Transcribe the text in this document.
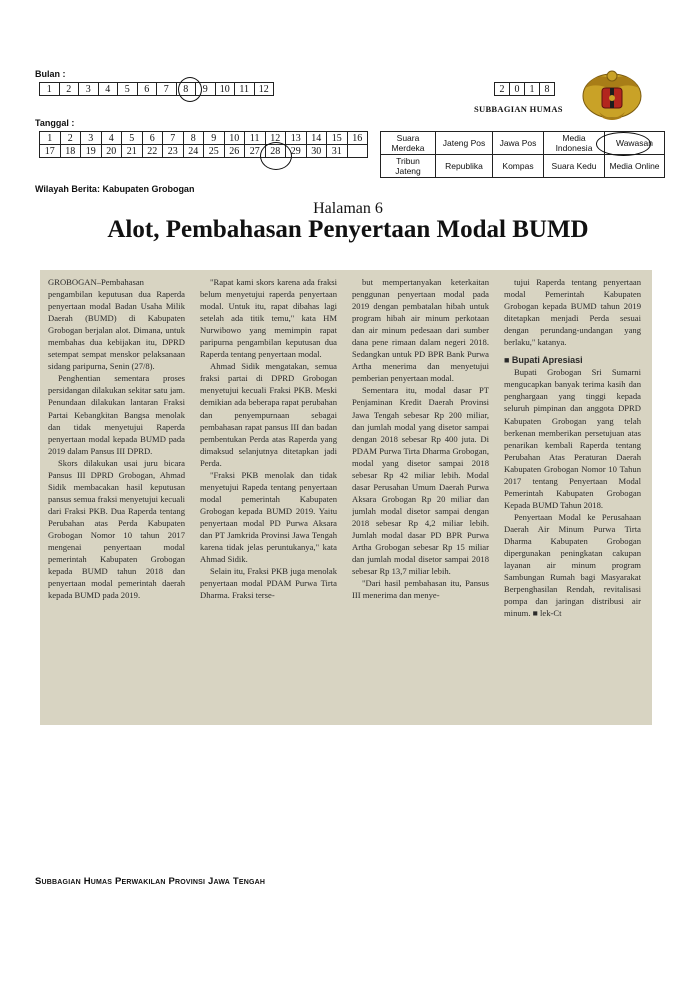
Bulan :
1	2	3	4	5	6	7	8	9	10	11	12
Tanggal :
1	2	3	4	5	6	7	8	9	10	11	12	13	14	15	16
17	18	19	20	21	22	23	24	25	26	27	28	29	30	31	
2	0	1	8
SUBBAGIAN HUMAS
Suara Merdeka	Jateng Pos	Jawa Pos	Media Indonesia	Wawasan
Tribun Jateng	Republika	Kompas	Suara Kedu	Media Online
Wilayah Berita: Kabupaten Grobogan
Halaman 6
Alot, Pembahasan Penyertaan Modal BUMD

GROBOGAN–Pembahasan pengambilan keputusan dua Raperda penyertaan modal Badan Usaha Milik Daerah (BUMD) di Kabupaten Grobogan berjalan alot. Dimana, untuk membahas dua kebijakan itu, DPRD setempat sempat menskor pelaksanaan sidang paripurna, Senin (27/8).

Penghentian sementara proses persidangan dilakukan sekitar satu jam. Penundaan dilakukan lantaran Fraksi Partai Kebangkitan Bangsa menolak dan tidak menyetujui Raperda penyertaan modal kepada BUMD pada 2019 dalam Pansus III DPRD.

Skors dilakukan usai juru bicara Pansus III DPRD Grobogan, Ahmad Sidik membacakan hasil keputusan pansus semua fraksi menyetujui kecuali dari Fraksi PKB. Dua Raperda tentang Perubahan atas Perda Kabupaten Grobogan Nomor 10 tahun 2017 mengenai penyertaan modal pemerintah Kabupaten Grobogan kepada BUMD tahun 2018 dan penyertaan modal pemerintah daerah kepada BUMD pada 2019.

"Rapat kami skors karena ada fraksi belum menyetujui raperda penyertaan modal. Untuk itu, rapat dibahas lagi setelah ada titik temu," kata HM Nurwibowo yang memimpin rapat paripurna pengambilan keputusan dua Raperda tentang penyertaan modal.

Ahmad Sidik mengatakan, semua fraksi partai di DPRD Grobogan menyetujui kecuali Fraksi PKB. Meski demikian ada beberapa rapat perubahan dan penyempurnaan sebagai pembahasan rapat pansus III dan badan pembentukan Perda atas Raperda yang dimaksud selanjutnya ditetapkan jadi Perda.

"Fraksi PKB menolak dan tidak menyetujui Rapeda tentang penyertaan modal pemerintah Kabupaten Grobogan kepada BUMD 2019. Yaitu penyertaan modal PD Purwa Aksara dan PT Jamkrida Provinsi Jawa Tengah karena tidak jelas peruntukanya," kata Ahmad Sidik.

Selain itu, Fraksi PKB juga menolak penyertaan modal PDAM Purwa Tirta Dharma. Fraksi terse-

but mempertanyakan keterkaitan penggunan penyertaan modal pada 2019 dengan pembatalan hibah untuk program hibah air minum perkotaan dan air minum pedesaan dari sumber dana pene rimaan dalam negeri 2018. Sedangkan untuk PD BPR Bank Purwa Artha menerima dan menyetujui pemberian penyertaan modal.

Sementara itu, modal dasar PT Penjaminan Kredit Daerah Provinsi Jawa Tengah sebesar Rp 200 miliar, dan jumlah modal yang disetor sampai dengan 2018 sebesar Rp 400 juta. Di PDAM Purwa Tirta Dharma Grobogan, modal yang disetor sampai 2018 sebesar Rp 42 miliar lebih. Modal dasar Perusahan Umum Daerah Purwa Aksara Grobogan Rp 20 miliar dan jumlah modal disetor sampai dengan 2018 sebesar Rp 4,2 miliar lebih. Jumlah modal dasar PD BPR Purwa Artha Grobogan sebesar Rp 15 miliar dan jumlah modal disetor sampai 2018 sebesar Rp 13,7 miliar lebih.

"Dari hasil pembahasan itu, Pansus III menerima dan menye-

tujui Raperda tentang penyertaan modal Pemerintah Kabupaten Grobogan kepada BUMD tahun 2019 ditetapkan menjadi Perda sesuai dengan perundang-undangan yang berlaku," katanya.

■ Bupati Apresiasi

Bupati Grobogan Sri Sumarni mengucapkan banyak terima kasih dan penghargaan yang tinggi kepada seluruh pimpinan dan anggota DPRD Kabupaten Grobogan yang telah berkenan memberikan persetujuan atas penarikan kembali Raperda tentang Perubahan Atas Peraturan Daerah Kabupaten Grobogan Nomor 10 Tahun 2017 tentang Penyertaan Modal Pemerintah Kabupaten Grobogan Kepada BUMD Tahun 2018.

Penyertaan Modal ke Perusahaan Daerah Air Minum Purwa Tirta Dharma Kabupaten Grobogan dipergunakan peningkatan cakupan layanan air minum program Sambungan Rumah bagi Masyarakat Berpenghasilan Rendah, revitalisasi pompa dan jaringan distribusi air minum. ■ lek-Ct

Subbagian Humas Perwakilan Provinsi Jawa Tengah
